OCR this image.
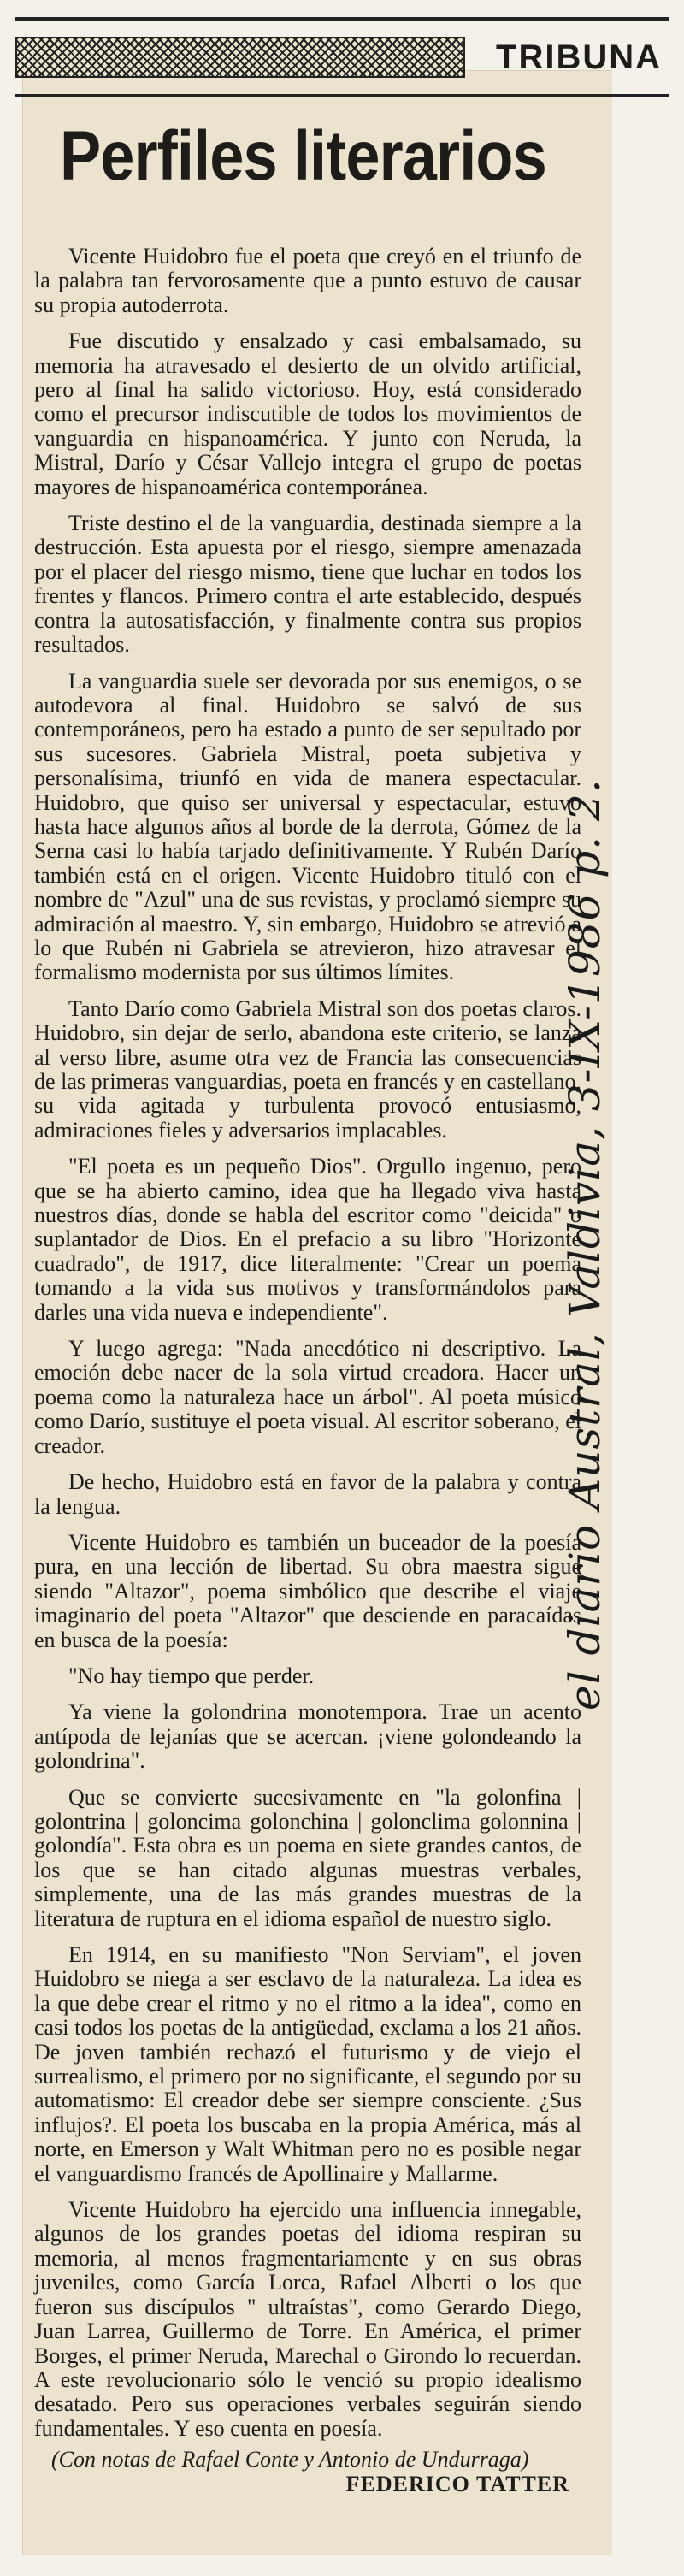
TRIBUNA
Perfiles literarios

Vicente Huidobro fue el poeta que creyó en el triunfo de la palabra tan fervorosamente que a punto estuvo de causar su propia autoderrota.

Fue discutido y ensalzado y casi embalsamado, su memoria ha atravesado el desierto de un olvido artificial, pero al final ha salido victorioso. Hoy, está considerado como el precursor indiscutible de todos los movimientos de vanguardia en hispanoamérica. Y junto con Neruda, la Mistral, Darío y César Vallejo integra el grupo de poetas mayores de hispanoamérica contemporánea.

Triste destino el de la vanguardia, destinada siempre a la destrucción. Esta apuesta por el riesgo, siempre amenazada por el placer del riesgo mismo, tiene que luchar en todos los frentes y flancos. Primero contra el arte establecido, después contra la autosatisfacción, y finalmente contra sus propios resultados.

La vanguardia suele ser devorada por sus enemigos, o se autodevora al final. Huidobro se salvó de sus contemporáneos, pero ha estado a punto de ser sepultado por sus sucesores. Gabriela Mistral, poeta subjetiva y personalísima, triunfó en vida de manera espectacular. Huidobro, que quiso ser universal y espectacular, estuvo hasta hace algunos años al borde de la derrota, Gómez de la Serna casi lo había tarjado definitivamente. Y Rubén Darío también está en el origen. Vicente Huidobro tituló con el nombre de "Azul" una de sus revistas, y proclamó siempre su admiración al maestro. Y, sin embargo, Huidobro se atrevió a lo que Rubén ni Gabriela se atrevieron, hizo atravesar el formalismo modernista por sus últimos límites.

Tanto Darío como Gabriela Mistral son dos poetas claros. Huidobro, sin dejar de serlo, abandona este criterio, se lanza al verso libre, asume otra vez de Francia las consecuencias de las primeras vanguardias, poeta en francés y en castellano, su vida agitada y turbulenta provocó entusiasmo, admiraciones fieles y adversarios implacables.

"El poeta es un pequeño Dios". Orgullo ingenuo, pero que se ha abierto camino, idea que ha llegado viva hasta nuestros días, donde se habla del escritor como "deicida" o suplantador de Dios. En el prefacio a su libro "Horizonte cuadrado", de 1917, dice literalmente: "Crear un poema tomando a la vida sus motivos y transformándolos para darles una vida nueva e independiente".

Y luego agrega: "Nada anecdótico ni descriptivo. La emoción debe nacer de la sola virtud creadora. Hacer un poema como la naturaleza hace un árbol". Al poeta músico como Darío, sustituye el poeta visual. Al escritor soberano, el creador.

De hecho, Huidobro está en favor de la palabra y contra la lengua.

Vicente Huidobro es también un buceador de la poesía pura, en una lección de libertad. Su obra maestra sigue siendo "Altazor", poema simbólico que describe el viaje imaginario del poeta "Altazor" que desciende en paracaídas en busca de la poesía:

"No hay tiempo que perder.

Ya viene la golondrina monotempora. Trae un acento antípoda de lejanías que se acercan. ¡viene golondeando la golondrina".

Que se convierte sucesivamente en "la golonfina | golontrina | goloncima golonchina | golonclima golonnina | golondía". Esta obra es un poema en siete grandes cantos, de los que se han citado algunas muestras verbales, simplemente, una de las más grandes muestras de la literatura de ruptura en el idioma español de nuestro siglo.

En 1914, en su manifiesto "Non Serviam", el joven Huidobro se niega a ser esclavo de la naturaleza. La idea es la que debe crear el ritmo y no el ritmo a la idea", como en casi todos los poetas de la antigüedad, exclama a los 21 años. De joven también rechazó el futurismo y de viejo el surrealismo, el primero por no significante, el segundo por su automatismo: El creador debe ser siempre consciente. ¿Sus influjos?. El poeta los buscaba en la propia América, más al norte, en Emerson y Walt Whitman pero no es posible negar el vanguardismo francés de Apollinaire y Mallarme.

Vicente Huidobro ha ejercido una influencia innegable, algunos de los grandes poetas del idioma respiran su memoria, al menos fragmentariamente y en sus obras juveniles, como García Lorca, Rafael Alberti o los que fueron sus discípulos " ultraístas", como Gerardo Diego, Juan Larrea, Guillermo de Torre. En América, el primer Borges, el primer Neruda, Marechal o Girondo lo recuerdan. A este revolucionario sólo le venció su propio idealismo desatado. Pero sus operaciones verbales seguirán siendo fundamentales. Y eso cuenta en poesía.

(Con notas de Rafael Conte y Antonio de Undurraga)

FEDERICO TATTER

el diario Austral, Valdivia, 3-IX-1986 p. 2.
